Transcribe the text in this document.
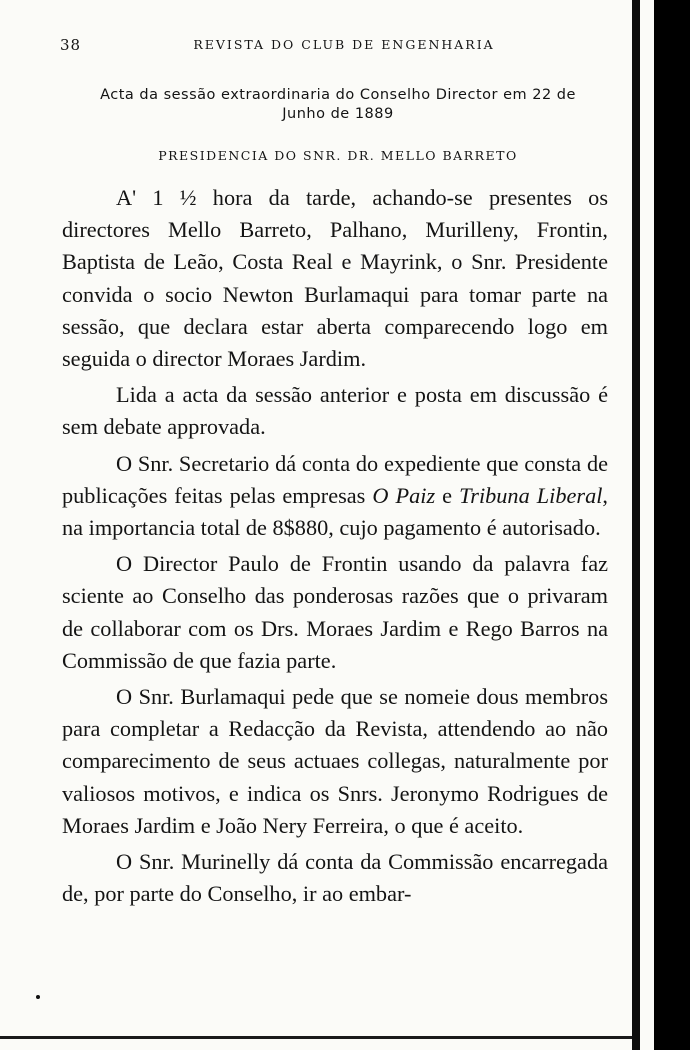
38	REVISTA DO CLUB DE ENGENHARIA
Acta da sessão extraordinaria do Conselho Director em 22 de
Junho de 1889
PRESIDENCIA DO SNR. DR. MELLO BARRETO

A' 1 ½ hora da tarde, achando-se presentes os directores Mello Barreto, Palhano, Murilleny, Frontin, Baptista de Leão, Costa Real e Mayrink, o Snr. Presidente convida o socio Newton Burlamaqui para tomar parte na sessão, que declara estar aberta comparecendo logo em seguida o director Moraes Jardim.

Lida a acta da sessão anterior e posta em discussão é sem debate approvada.

O Snr. Secretario dá conta do expediente que consta de publicações feitas pelas empresas O Paiz e Tribuna Liberal, na importancia total de 8$880, cujo pagamento é autorisado.

O Director Paulo de Frontin usando da palavra faz sciente ao Conselho das ponderosas razões que o privaram de collaborar com os Drs. Moraes Jardim e Rego Barros na Commissão de que fazia parte.

O Snr. Burlamaqui pede que se nomeie dous membros para completar a Redacção da Revista, attendendo ao não comparecimento de seus actuaes collegas, naturalmente por valiosos motivos, e indica os Snrs. Jeronymo Rodrigues de Moraes Jardim e João Nery Ferreira, o que é aceito.

O Snr. Murinelly dá conta da Commissão encarregada de, por parte do Conselho, ir ao embar-
